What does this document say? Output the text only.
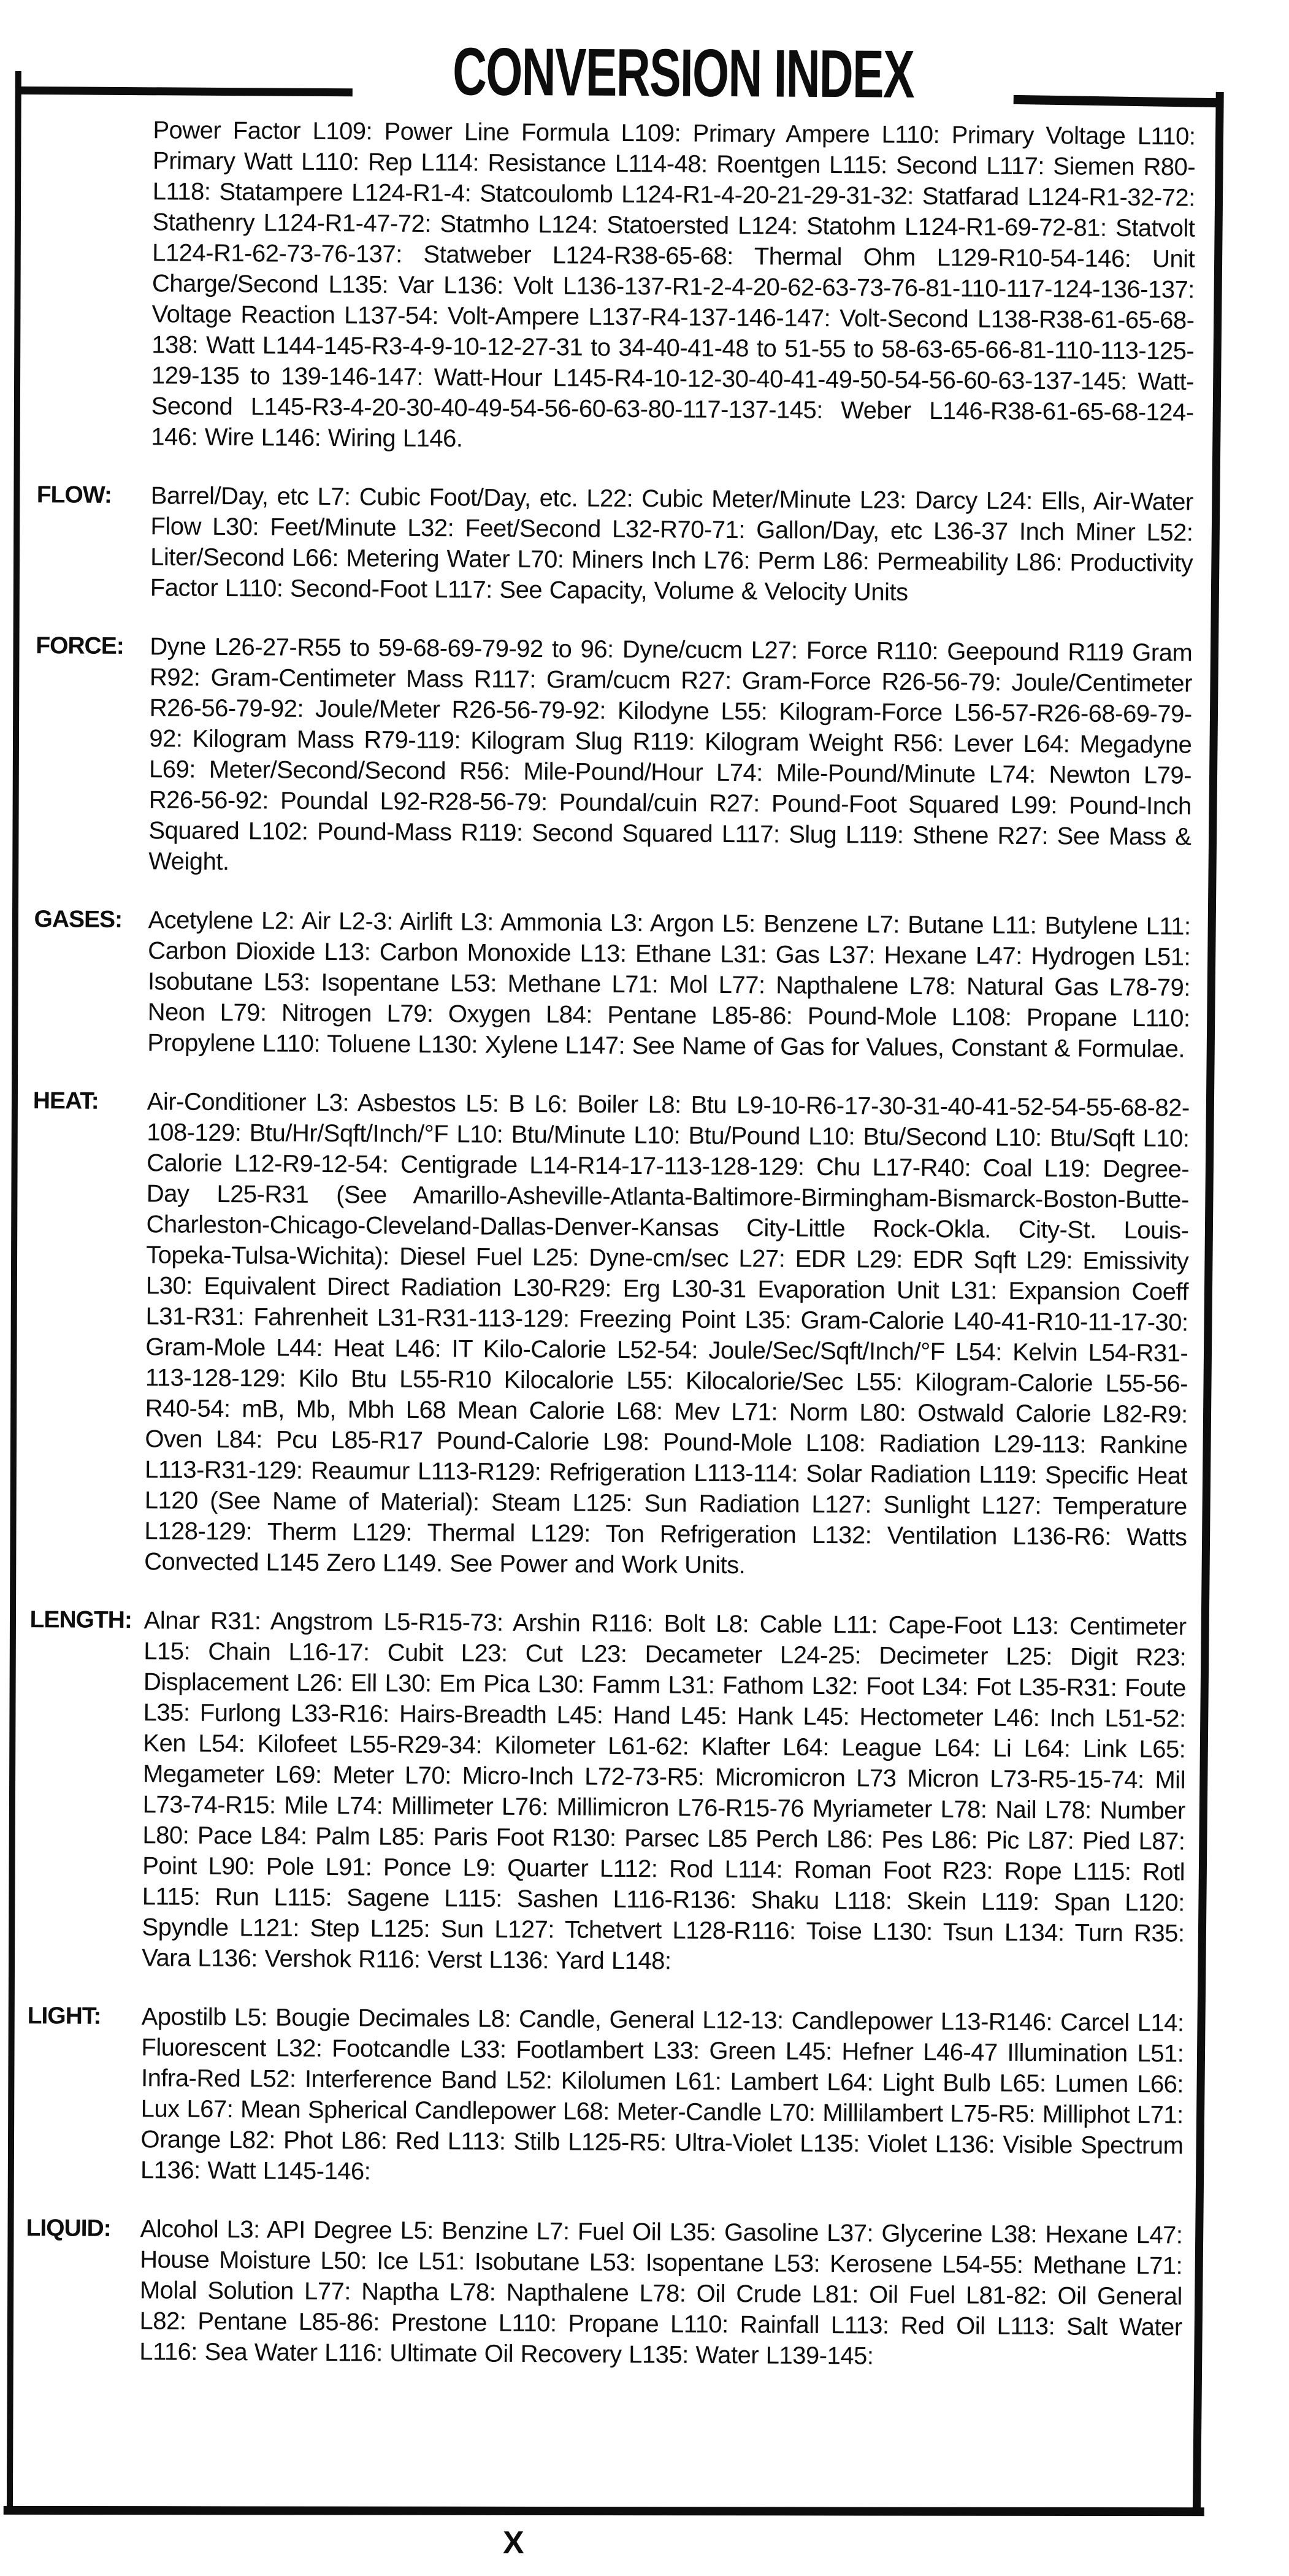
CONVERSION INDEX
Power Factor L109: Power Line Formula L109: Primary Ampere L110: Primary Voltage L110: Primary Watt L110: Rep L114: Resistance L114-48: Roentgen L115: Second L117: Siemen R80-L118: Statampere L124-R1-4: Statcoulomb L124-R1-4-20-21-29-31-32: Statfarad L124-R1-32-72: Stathenry L124-R1-47-72: Statmho L124: Statoersted L124: Statohm L124-R1-69-72-81: Statvolt L124-R1-62-73-76-137: Statweber L124-R38-65-68: Thermal Ohm L129-R10-54-146: Unit Charge/Second L135: Var L136: Volt L136-137-R1-2-4-20-62-63-73-76-81-110-117-124-136-137: Voltage Reaction L137-54: Volt-Ampere L137-R4-137-146-147: Volt-Second L138-R38-61-65-68-138: Watt L144-145-R3-4-9-10-12-27-31 to 34-40-41-48 to 51-55 to 58-63-65-66-81-110-113-125-129-135 to 139-146-147: Watt-Hour L145-R4-10-12-30-40-41-49-50-54-56-60-63-137-145: Watt-Second L145-R3-4-20-30-40-49-54-56-60-63-80-117-137-145: Weber L146-R38-61-65-68-124-146: Wire L146: Wiring L146.
FLOW:	Barrel/Day, etc L7: Cubic Foot/Day, etc. L22: Cubic Meter/Minute L23: Darcy L24: Ells, Air-Water Flow L30: Feet/Minute L32: Feet/Second L32-R70-71: Gallon/Day, etc L36-37 Inch Miner L52: Liter/Second L66: Metering Water L70: Miners Inch L76: Perm L86: Permeability L86: Productivity Factor L110: Second-Foot L117: See Capacity, Volume & Velocity Units
FORCE:	Dyne L26-27-R55 to 59-68-69-79-92 to 96: Dyne/cucm L27: Force R110: Geepound R119 Gram R92: Gram-Centimeter Mass R117: Gram/cucm R27: Gram-Force R26-56-79: Joule/Centimeter R26-56-79-92: Joule/Meter R26-56-79-92: Kilodyne L55: Kilogram-Force L56-57-R26-68-69-79-92: Kilogram Mass R79-119: Kilogram Slug R119: Kilogram Weight R56: Lever L64: Megadyne L69: Meter/Second/Second R56: Mile-Pound/Hour L74: Mile-Pound/Minute L74: Newton L79-R26-56-92: Poundal L92-R28-56-79: Poundal/cuin R27: Pound-Foot Squared L99: Pound-Inch Squared L102: Pound-Mass R119: Second Squared L117: Slug L119: Sthene R27: See Mass & Weight.
GASES:	Acetylene L2: Air L2-3: Airlift L3: Ammonia L3: Argon L5: Benzene L7: Butane L11: Butylene L11: Carbon Dioxide L13: Carbon Monoxide L13: Ethane L31: Gas L37: Hexane L47: Hydrogen L51: Isobutane L53: Isopentane L53: Methane L71: Mol L77: Napthalene L78: Natural Gas L78-79: Neon L79: Nitrogen L79: Oxygen L84: Pentane L85-86: Pound-Mole L108: Propane L110: Propylene L110: Toluene L130: Xylene L147: See Name of Gas for Values, Constant & Formulae.
HEAT:	Air-Conditioner L3: Asbestos L5: B L6: Boiler L8: Btu L9-10-R6-17-30-31-40-41-52-54-55-68-82-108-129: Btu/Hr/Sqft/Inch/°F L10: Btu/Minute L10: Btu/Pound L10: Btu/Second L10: Btu/Sqft L10: Calorie L12-R9-12-54: Centigrade L14-R14-17-113-128-129: Chu L17-R40: Coal L19: Degree-Day L25-R31 (See Amarillo-Asheville-Atlanta-Baltimore-Birmingham-Bismarck-Boston-Butte-Charleston-Chicago-Cleveland-Dallas-Denver-Kansas City-Little Rock-Okla. City-St. Louis-Topeka-Tulsa-Wichita): Diesel Fuel L25: Dyne-cm/sec L27: EDR L29: EDR Sqft L29: Emissivity L30: Equivalent Direct Radiation L30-R29: Erg L30-31 Evaporation Unit L31: Expansion Coeff L31-R31: Fahrenheit L31-R31-113-129: Freezing Point L35: Gram-Calorie L40-41-R10-11-17-30: Gram-Mole L44: Heat L46: IT Kilo-Calorie L52-54: Joule/Sec/Sqft/Inch/°F L54: Kelvin L54-R31-113-128-129: Kilo Btu L55-R10 Kilocalorie L55: Kilocalorie/Sec L55: Kilogram-Calorie L55-56-R40-54: mB, Mb, Mbh L68 Mean Calorie L68: Mev L71: Norm L80: Ostwald Calorie L82-R9: Oven L84: Pcu L85-R17 Pound-Calorie L98: Pound-Mole L108: Radiation L29-113: Rankine L113-R31-129: Reaumur L113-R129: Refrigeration L113-114: Solar Radiation L119: Specific Heat L120 (See Name of Material): Steam L125: Sun Radiation L127: Sunlight L127: Temperature L128-129: Therm L129: Thermal L129: Ton Refrigeration L132: Ventilation L136-R6: Watts Convected L145 Zero L149. See Power and Work Units.
LENGTH: Alnar R31: Angstrom L5-R15-73: Arshin R116: Bolt L8: Cable L11: Cape-Foot L13: Centimeter L15: Chain L16-17: Cubit L23: Cut L23: Decameter L24-25: Decimeter L25: Digit R23: Displacement L26: Ell L30: Em Pica L30: Famm L31: Fathom L32: Foot L34: Fot L35-R31: Foute L35: Furlong L33-R16: Hairs-Breadth L45: Hand L45: Hank L45: Hectometer L46: Inch L51-52: Ken L54: Kilofeet L55-R29-34: Kilometer L61-62: Klafter L64: League L64: Li L64: Link L65: Megameter L69: Meter L70: Micro-Inch L72-73-R5: Micromicron L73 Micron L73-R5-15-74: Mil L73-74-R15: Mile L74: Millimeter L76: Millimicron L76-R15-76 Myriameter L78: Nail L78: Number L80: Pace L84: Palm L85: Paris Foot R130: Parsec L85 Perch L86: Pes L86: Pic L87: Pied L87: Point L90: Pole L91: Ponce L9: Quarter L112: Rod L114: Roman Foot R23: Rope L115: Rotl L115: Run L115: Sagene L115: Sashen L116-R136: Shaku L118: Skein L119: Span L120: Spyndle L121: Step L125: Sun L127: Tchetvert L128-R116: Toise L130: Tsun L134: Turn R35: Vara L136: Vershok R116: Verst L136: Yard L148:
LIGHT:	Apostilb L5: Bougie Decimales L8: Candle, General L12-13: Candlepower L13-R146: Carcel L14: Fluorescent L32: Footcandle L33: Footlambert L33: Green L45: Hefner L46-47 Illumination L51: Infra-Red L52: Interference Band L52: Kilolumen L61: Lambert L64: Light Bulb L65: Lumen L66: Lux L67: Mean Spherical Candlepower L68: Meter-Candle L70: Millilambert L75-R5: Milliphot L71: Orange L82: Phot L86: Red L113: Stilb L125-R5: Ultra-Violet L135: Violet L136: Visible Spectrum L136: Watt L145-146:
LIQUID:	Alcohol L3: API Degree L5: Benzine L7: Fuel Oil L35: Gasoline L37: Glycerine L38: Hexane L47: House Moisture L50: Ice L51: Isobutane L53: Isopentane L53: Kerosene L54-55: Methane L71: Molal Solution L77: Naptha L78: Napthalene L78: Oil Crude L81: Oil Fuel L81-82: Oil General L82: Pentane L85-86: Prestone L110: Propane L110: Rainfall L113: Red Oil L113: Salt Water L116: Sea Water L116: Ultimate Oil Recovery L135: Water L139-145:
X
